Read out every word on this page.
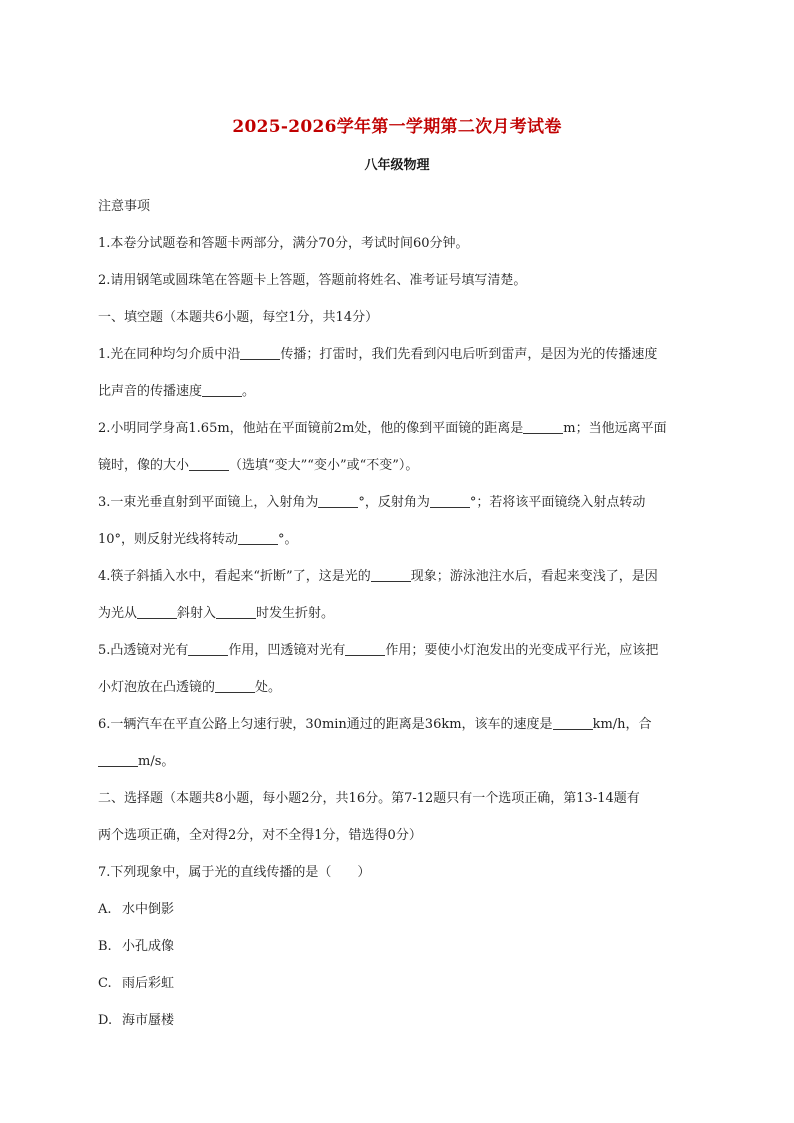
2025-2026学年第一学期第二次月考试卷
八年级物理
注意事项
1.本卷分试题卷和答题卡两部分，满分70分，考试时间60分钟。
2.请用钢笔或圆珠笔在答题卡上答题，答题前将姓名、准考证号填写清楚。
一、填空题（本题共6小题，每空1分，共14分）
1.光在同种均匀介质中沿	传播；打雷时，我们先看到闪电后听到雷声，是因为光的传播速度
比声音的传播速度	。
2.小明同学身高1.65m，他站在平面镜前2m处，他的像到平面镜的距离是	m；当他远离平面
镜时，像的大小	（选填“变大”“变小”或“不变”）。
3.一束光垂直射到平面镜上，入射角为	°，反射角为	°；若将该平面镜绕入射点转动
10°，则反射光线将转动	°。
4.筷子斜插入水中，看起来“折断”了，这是光的	现象；游泳池注水后，看起来变浅了，是因
为光从	斜射入	时发生折射。
5.凸透镜对光有	作用，凹透镜对光有	作用；要使小灯泡发出的光变成平行光，应该把
小灯泡放在凸透镜的	处。
6.一辆汽车在平直公路上匀速行驶，30min通过的距离是36km，该车的速度是	km/h，合
m/s。
二、选择题（本题共8小题，每小题2分，共16分。第7-12题只有一个选项正确，第13-14题有
两个选项正确，全对得2分，对不全得1分，错选得0分）
7.下列现象中，属于光的直线传播的是（　　）
A. 水中倒影
B. 小孔成像
C. 雨后彩虹
D. 海市蜃楼
